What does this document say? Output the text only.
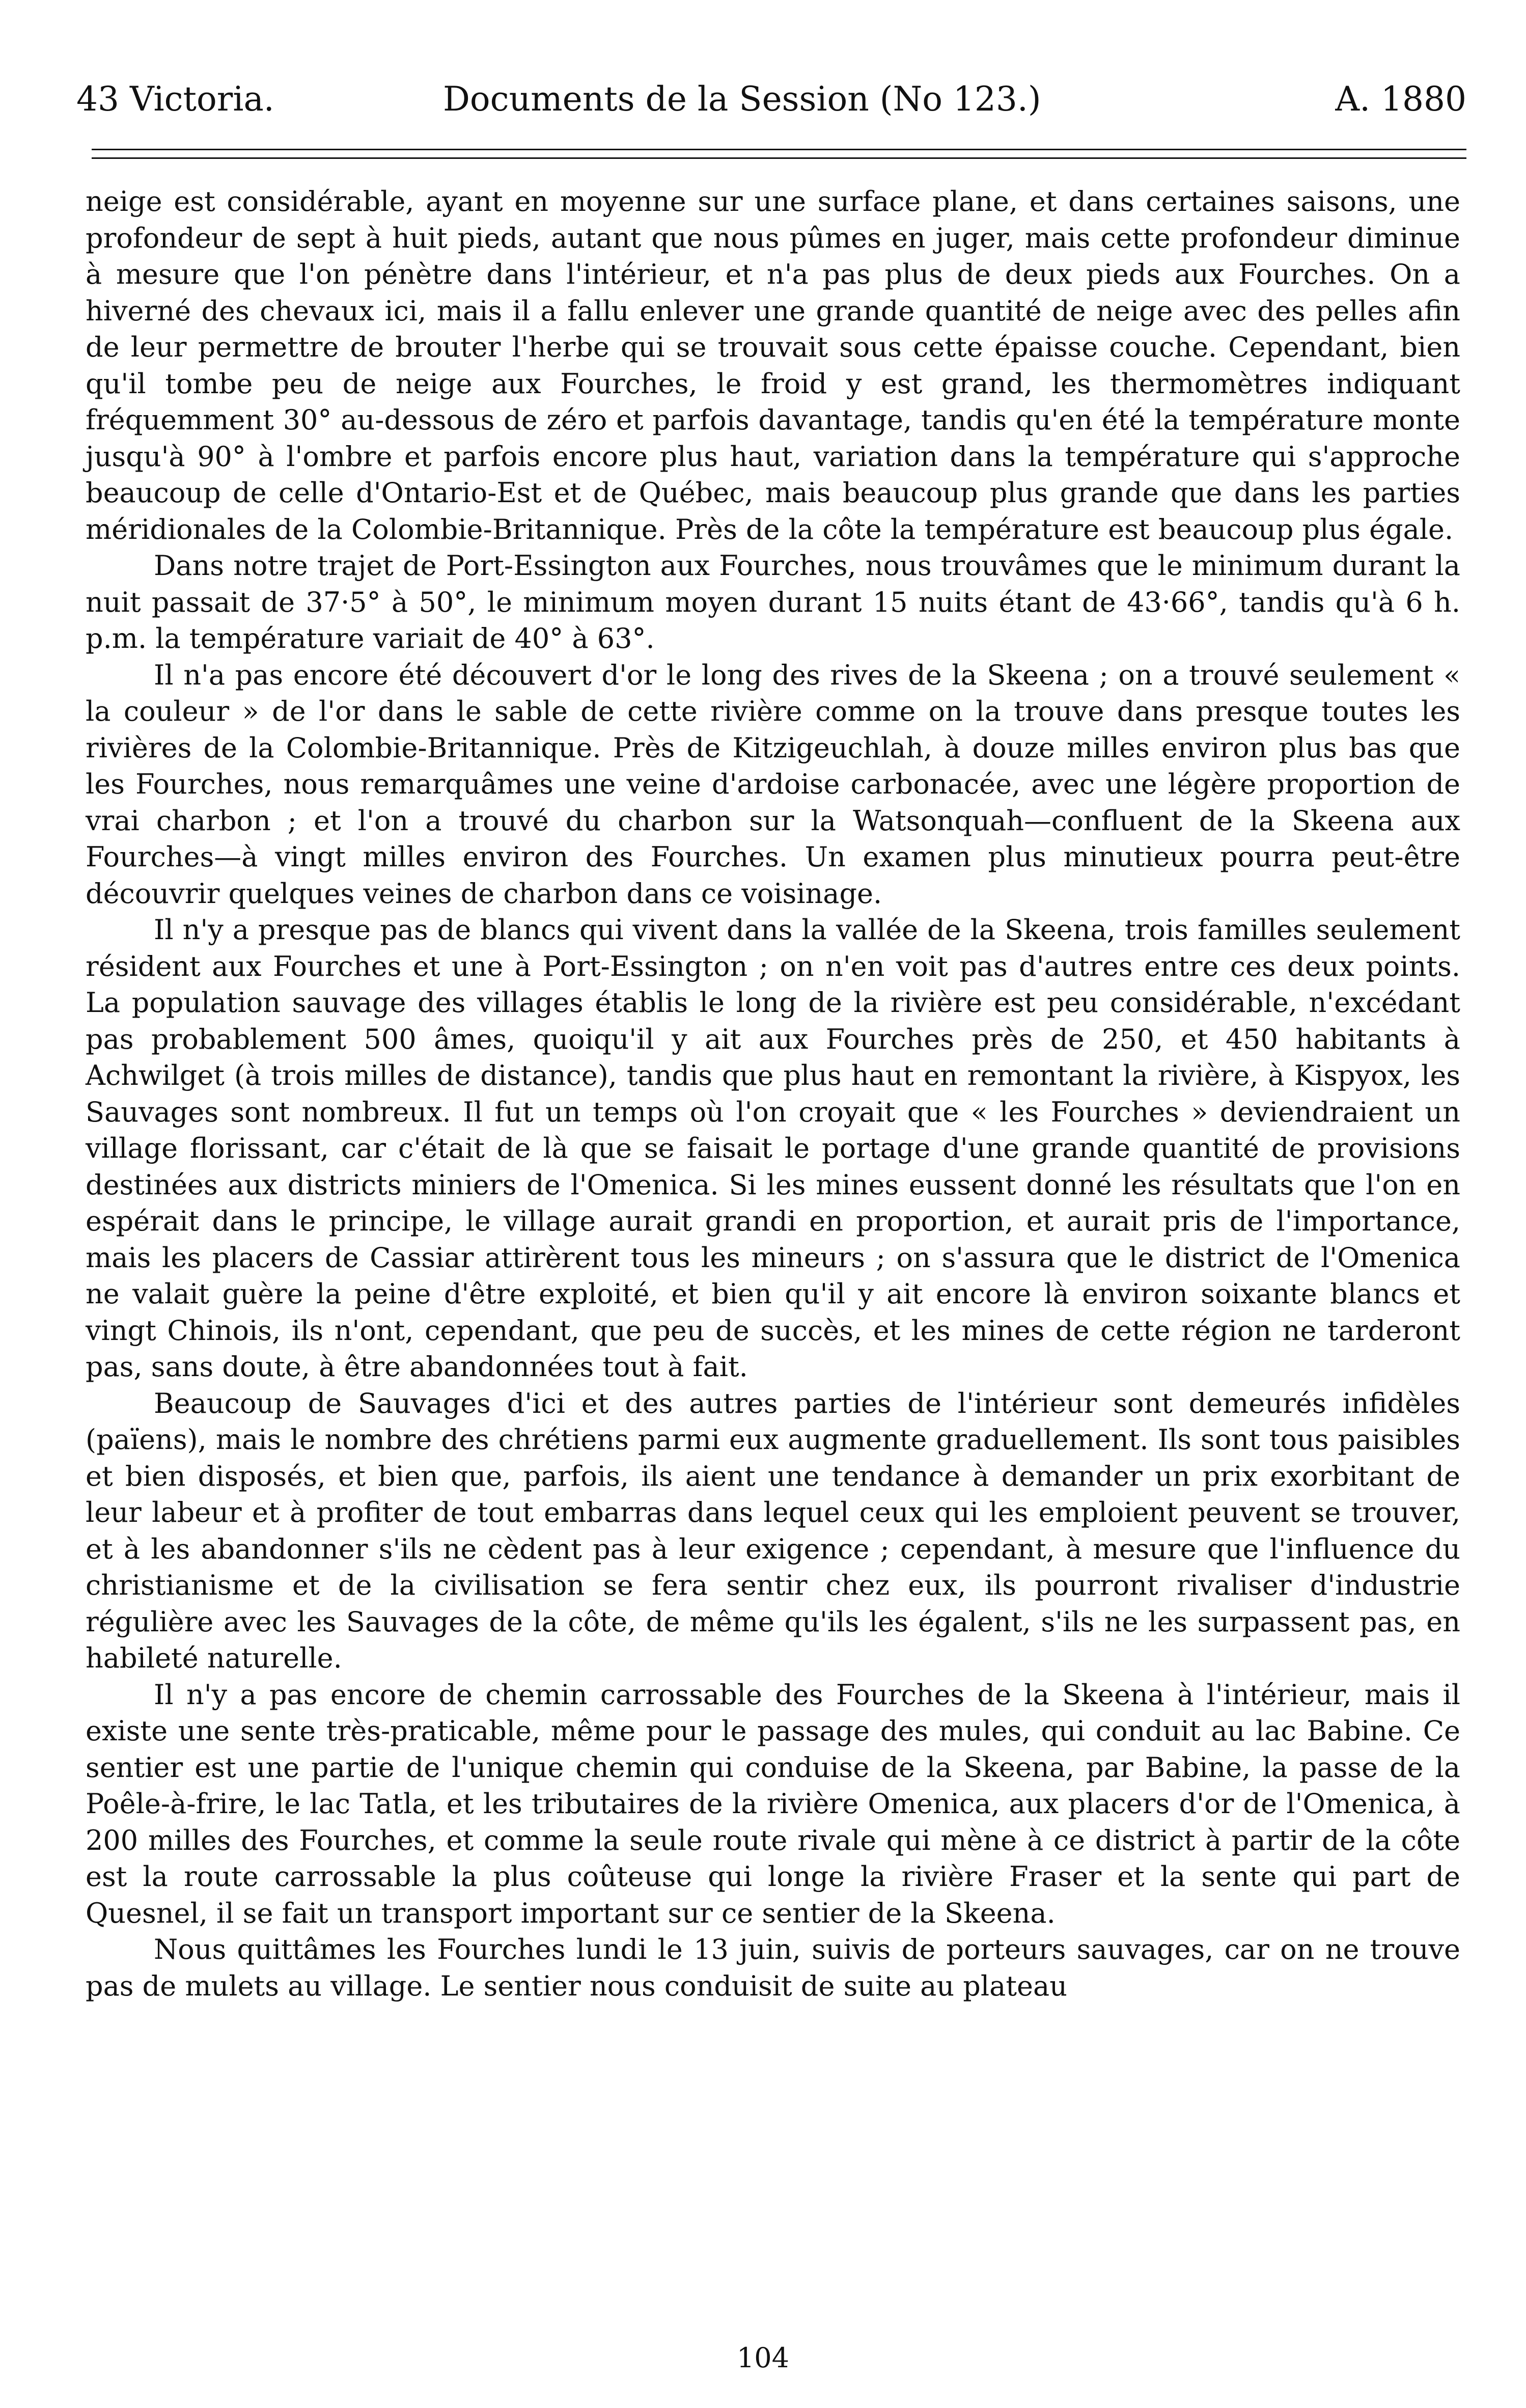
43 Victoria.	Documents de la Session (No 123.)	A. 1880

neige est considérable, ayant en moyenne sur une surface plane, et dans certaines saisons, une profondeur de sept à huit pieds, autant que nous pûmes en juger, mais cette profondeur diminue à mesure que l'on pénètre dans l'intérieur, et n'a pas plus de deux pieds aux Fourches. On a hiverné des chevaux ici, mais il a fallu enlever une grande quantité de neige avec des pelles afin de leur permettre de brouter l'herbe qui se trouvait sous cette épaisse couche. Cependant, bien qu'il tombe peu de neige aux Fourches, le froid y est grand, les thermomètres indiquant fréquemment 30° au-dessous de zéro et parfois davantage, tandis qu'en été la température monte jusqu'à 90° à l'ombre et parfois encore plus haut, variation dans la température qui s'approche beaucoup de celle d'Ontario-Est et de Québec, mais beaucoup plus grande que dans les parties méridionales de la Colombie-Britannique. Près de la côte la température est beaucoup plus égale.

Dans notre trajet de Port-Essington aux Fourches, nous trouvâmes que le minimum durant la nuit passait de 37·5° à 50°, le minimum moyen durant 15 nuits étant de 43·66°, tandis qu'à 6 h. p.m. la température variait de 40° à 63°.

Il n'a pas encore été découvert d'or le long des rives de la Skeena ; on a trouvé seulement « la couleur » de l'or dans le sable de cette rivière comme on la trouve dans presque toutes les rivières de la Colombie-Britannique. Près de Kitzigeuchlah, à douze milles environ plus bas que les Fourches, nous remarquâmes une veine d'ardoise carbonacée, avec une légère proportion de vrai charbon ; et l'on a trouvé du charbon sur la Watsonquah—confluent de la Skeena aux Fourches—à vingt milles environ des Fourches. Un examen plus minutieux pourra peut-être découvrir quelques veines de charbon dans ce voisinage.

Il n'y a presque pas de blancs qui vivent dans la vallée de la Skeena, trois familles seulement résident aux Fourches et une à Port-Essington ; on n'en voit pas d'autres entre ces deux points. La population sauvage des villages établis le long de la rivière est peu considérable, n'excédant pas probablement 500 âmes, quoiqu'il y ait aux Fourches près de 250, et 450 habitants à Achwilget (à trois milles de distance), tandis que plus haut en remontant la rivière, à Kispyox, les Sauvages sont nombreux. Il fut un temps où l'on croyait que « les Fourches » deviendraient un village florissant, car c'était de là que se faisait le portage d'une grande quantité de provisions destinées aux districts miniers de l'Omenica. Si les mines eussent donné les résultats que l'on en espérait dans le principe, le village aurait grandi en proportion, et aurait pris de l'importance, mais les placers de Cassiar attirèrent tous les mineurs ; on s'assura que le district de l'Omenica ne valait guère la peine d'être exploité, et bien qu'il y ait encore là environ soixante blancs et vingt Chinois, ils n'ont, cependant, que peu de succès, et les mines de cette région ne tarderont pas, sans doute, à être abandonnées tout à fait.

Beaucoup de Sauvages d'ici et des autres parties de l'intérieur sont demeurés infidèles (païens), mais le nombre des chrétiens parmi eux augmente graduellement. Ils sont tous paisibles et bien disposés, et bien que, parfois, ils aient une tendance à demander un prix exorbitant de leur labeur et à profiter de tout embarras dans lequel ceux qui les emploient peuvent se trouver, et à les abandonner s'ils ne cèdent pas à leur exigence ; cependant, à mesure que l'influence du christianisme et de la civilisation se fera sentir chez eux, ils pourront rivaliser d'industrie régulière avec les Sauvages de la côte, de même qu'ils les égalent, s'ils ne les surpassent pas, en habileté naturelle.

Il n'y a pas encore de chemin carrossable des Fourches de la Skeena à l'intérieur, mais il existe une sente très-praticable, même pour le passage des mules, qui conduit au lac Babine. Ce sentier est une partie de l'unique chemin qui conduise de la Skeena, par Babine, la passe de la Poêle-à-frire, le lac Tatla, et les tributaires de la rivière Omenica, aux placers d'or de l'Omenica, à 200 milles des Fourches, et comme la seule route rivale qui mène à ce district à partir de la côte est la route carrossable la plus coûteuse qui longe la rivière Fraser et la sente qui part de Quesnel, il se fait un transport important sur ce sentier de la Skeena.

Nous quittâmes les Fourches lundi le 13 juin, suivis de porteurs sauvages, car on ne trouve pas de mulets au village. Le sentier nous conduisit de suite au plateau

104
